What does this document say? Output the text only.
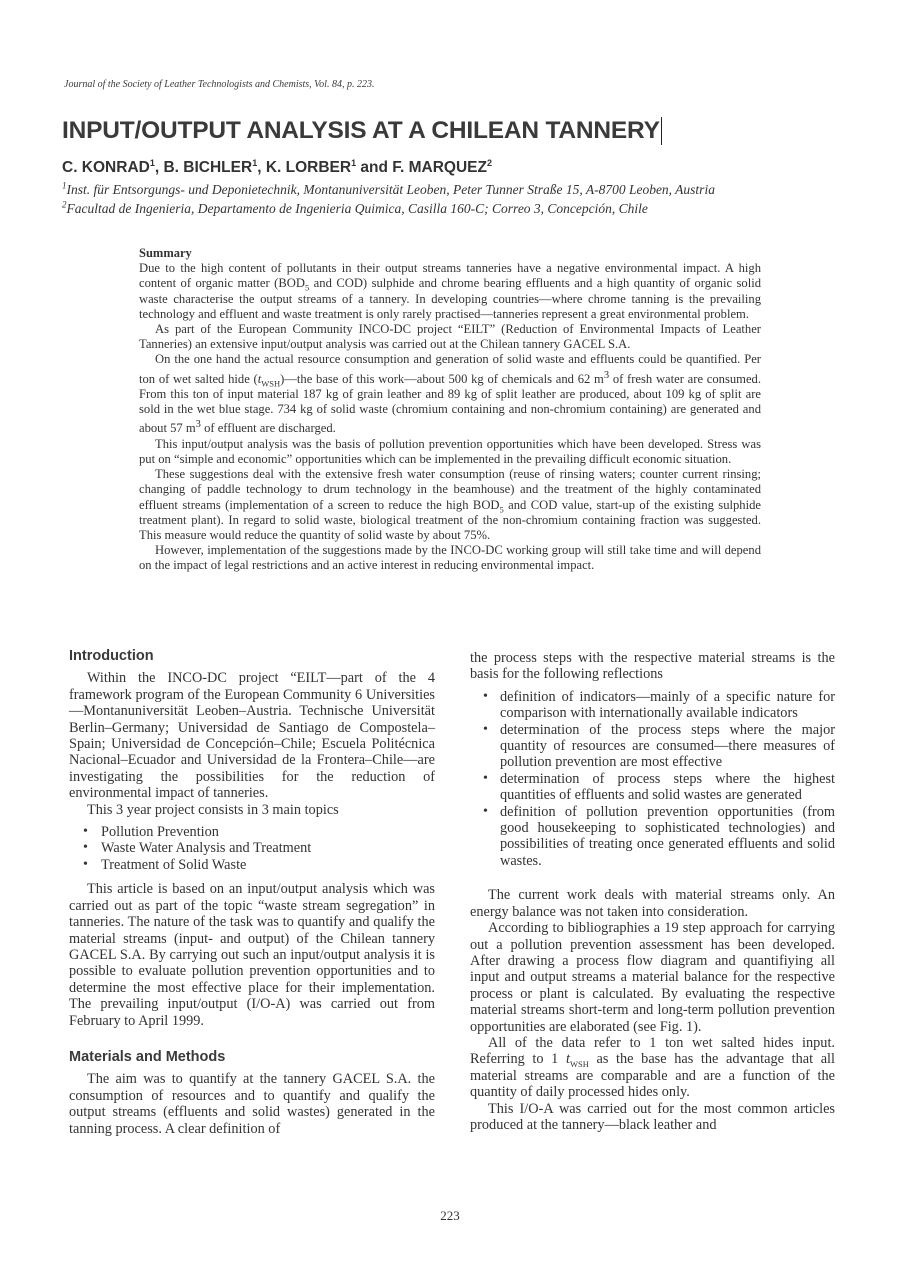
Journal of the Society of Leather Technologists and Chemists, Vol. 84, p. 223.
INPUT/OUTPUT ANALYSIS AT A CHILEAN TANNERY
C. KONRAD$^1$, B. BICHLER$^1$, K. LORBER$^1$ and F. MARQUEZ$^2$
$^1$Inst. für Entsorgungs- und Deponietechnik, Montanuniversität Leoben, Peter Tunner Straße 15, A-8700 Leoben, Austria
$^2$Facultad de Ingenieria, Departamento de Ingenieria Quimica, Casilla 160-C; Correo 3, Concepción, Chile
Summary

Due to the high content of pollutants in their output streams tanneries have a negative environmental impact. A high content of organic matter ($BOD_5$ and COD) sulphide and chrome bearing effluents and a high quantity of organic solid waste characterise the output streams of a tannery. In developing countries—where chrome tanning is the prevailing technology and effluent and waste treatment is only rarely practised—tanneries represent a great environmental problem.

As part of the European Community INCO-DC project “EILT” (Reduction of Environmental Impacts of Leather Tanneries) an extensive input/output analysis was carried out at the Chilean tannery GACEL S.A.

On the one hand the actual resource consumption and generation of solid waste and effluents could be quantified. Per ton of wet salted hide $(t_{WSH})—the$ base of this work—about 500 kg of chemicals and 62 $m^3$ of fresh water are consumed. From this ton of input material 187 kg of grain leather and 89 kg of split leather are produced, about 109 kg of split are sold in the wet blue stage. 734 kg of solid waste (chromium containing and non-chromium containing) are generated and about 57 $m^3$ of effluent are discharged.

This input/output analysis was the basis of pollution prevention opportunities which have been developed. Stress was put on “simple and economic” opportunities which can be implemented in the prevailing difficult economic situation.

These suggestions deal with the extensive fresh water consumption (reuse of rinsing waters; counter current rinsing; changing of paddle technology to drum technology in the beamhouse) and the treatment of the highly contaminated effluent streams (implementation of a screen to reduce the high $BOD_5$ and COD value, start-up of the existing sulphide treatment plant). In regard to solid waste, biological treatment of the non-chromium containing fraction was suggested. This measure would reduce the quantity of solid waste by about 75%.

However, implementation of the suggestions made by the INCO-DC working group will still take time and will depend on the impact of legal restrictions and an active interest in reducing environmental impact.

Introduction

Within the INCO-DC project “EILT—part of the 4 framework program of the European Community 6 Universities—Montanuniversität Leoben–Austria. Technische Universität Berlin–Germany; Universidad de Santiago de Compostela–Spain; Universidad de Concepción–Chile; Escuela Politécnica Nacional–Ecuador and Universidad de la Frontera–Chile—are investigating the possibilities for the reduction of environmental impact of tanneries.

This 3 year project consists in 3 main topics

• Pollution Prevention
• Waste Water Analysis and Treatment
• Treatment of Solid Waste

This article is based on an input/output analysis which was carried out as part of the topic “waste stream segregation” in tanneries. The nature of the task was to quantify and qualify the material streams (input- and output) of the Chilean tannery GACEL S.A. By carrying out such an input/output analysis it is possible to evaluate pollution prevention opportunities and to determine the most effective place for their implementation. The prevailing input/output (I/O-A) was carried out from February to April 1999.

Materials and Methods

The aim was to quantify at the tannery GACEL S.A. the consumption of resources and to quantify and qualify the output streams (effluents and solid wastes) generated in the tanning process. A clear definition of

the process steps with the respective material streams is the basis for the following reflections

• definition of indicators—mainly of a specific nature for comparison with internationally available indicators
• determination of the process steps where the major quantity of resources are consumed—there measures of pollution prevention are most effective
• determination of process steps where the highest quantities of effluents and solid wastes are generated
• definition of pollution prevention opportunities (from good housekeeping to sophisticated technologies) and possibilities of treating once generated effluents and solid wastes.

The current work deals with material streams only. An energy balance was not taken into consideration.

According to bibliographies a 19 step approach for carrying out a pollution prevention assessment has been developed. After drawing a process flow diagram and quantifiying all input and output streams a material balance for the respective process or plant is calculated. By evaluating the respective material streams short-term and long-term pollution prevention opportunities are elaborated (see Fig. 1).

All of the data refer to 1 ton wet salted hides input. Referring to 1 $t_{WSH}$ as the base has the advantage that all material streams are comparable and are a function of the quantity of daily processed hides only.

This I/O-A was carried out for the most common articles produced at the tannery—black leather and

223
